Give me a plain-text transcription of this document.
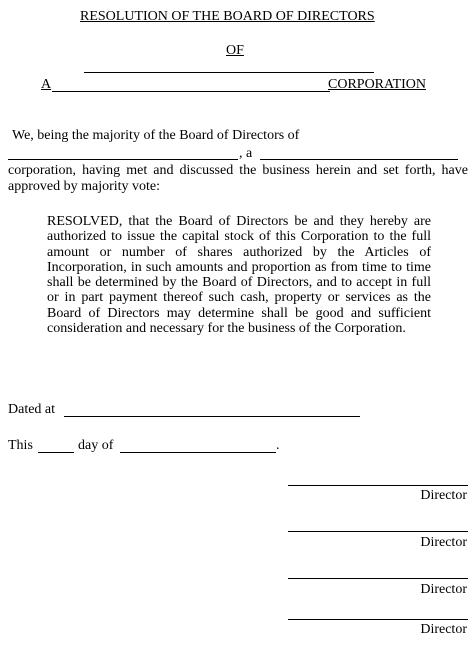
RESOLUTION OF THE BOARD OF DIRECTORS
OF
A	CORPORATION
We, being the majority of the Board of Directors of
, a
corporation, having met and discussed the business herein and set forth, have approved by majority vote:
RESOLVED, that the Board of Directors be and they hereby are authorized to issue the capital stock of this Corporation to the full amount or number of shares authorized by the Articles of Incorporation, in such amounts and proportion as from time to time shall be determined by the Board of Directors, and to accept in full or in part payment thereof such cash, property or services as the Board of Directors may determine shall be good and sufficient consideration and necessary for the business of the Corporation.
Dated at
This	day of	.
Director
Director
Director
Director
